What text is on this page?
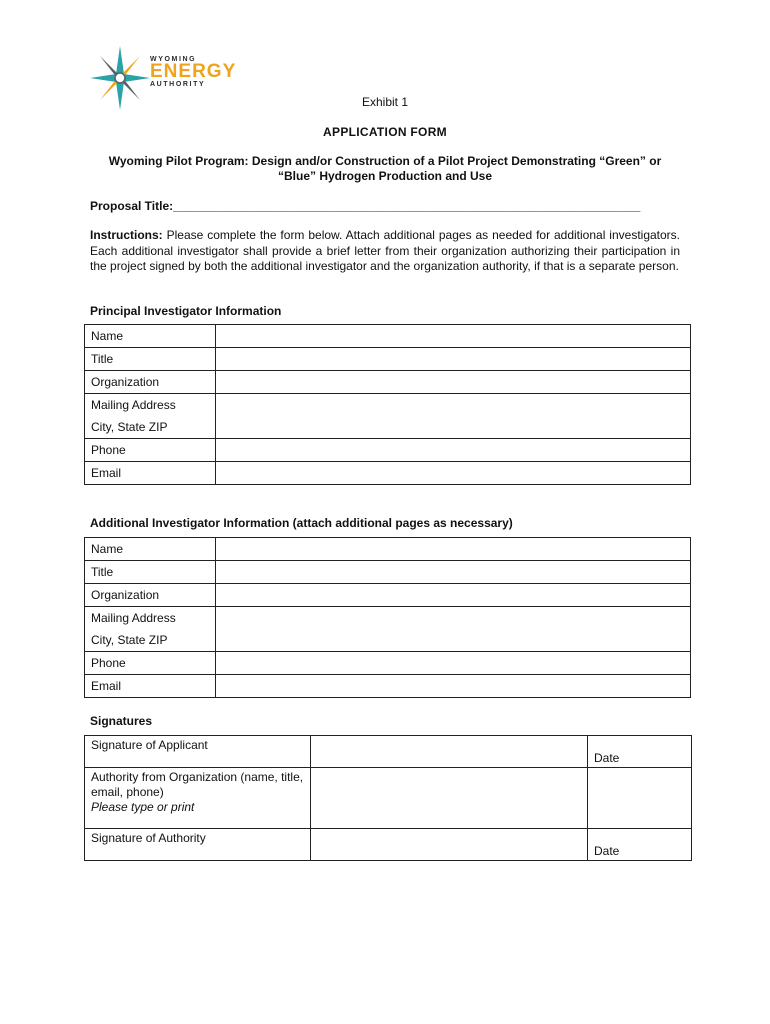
WYOMING
ENERGY
AUTHORITY
Exhibit 1
APPLICATION FORM
Wyoming Pilot Program: Design and/or Construction of a Pilot Project Demonstrating “Green” or “Blue” Hydrogen Production and Use
Proposal Title:______________________________________________________________________
Instructions: Please complete the form below. Attach additional pages as needed for additional investigators. Each additional investigator shall provide a brief letter from their organization authorizing their participation in the project signed by both the additional investigator and the organization authority, if that is a separate person.
Principal Investigator Information
Name	
Title	
Organization	

Mailing Address
City, State ZIP	

Phone	
Email	
Additional Investigator Information (attach additional pages as necessary)
Name	
Title	
Organization	

Mailing Address
City, State ZIP	

Phone	
Email	
Signatures
Signature of Applicant		Date

Authority from Organization (name, title, email, phone)
Please type or print		
Signature of Authority		Date
